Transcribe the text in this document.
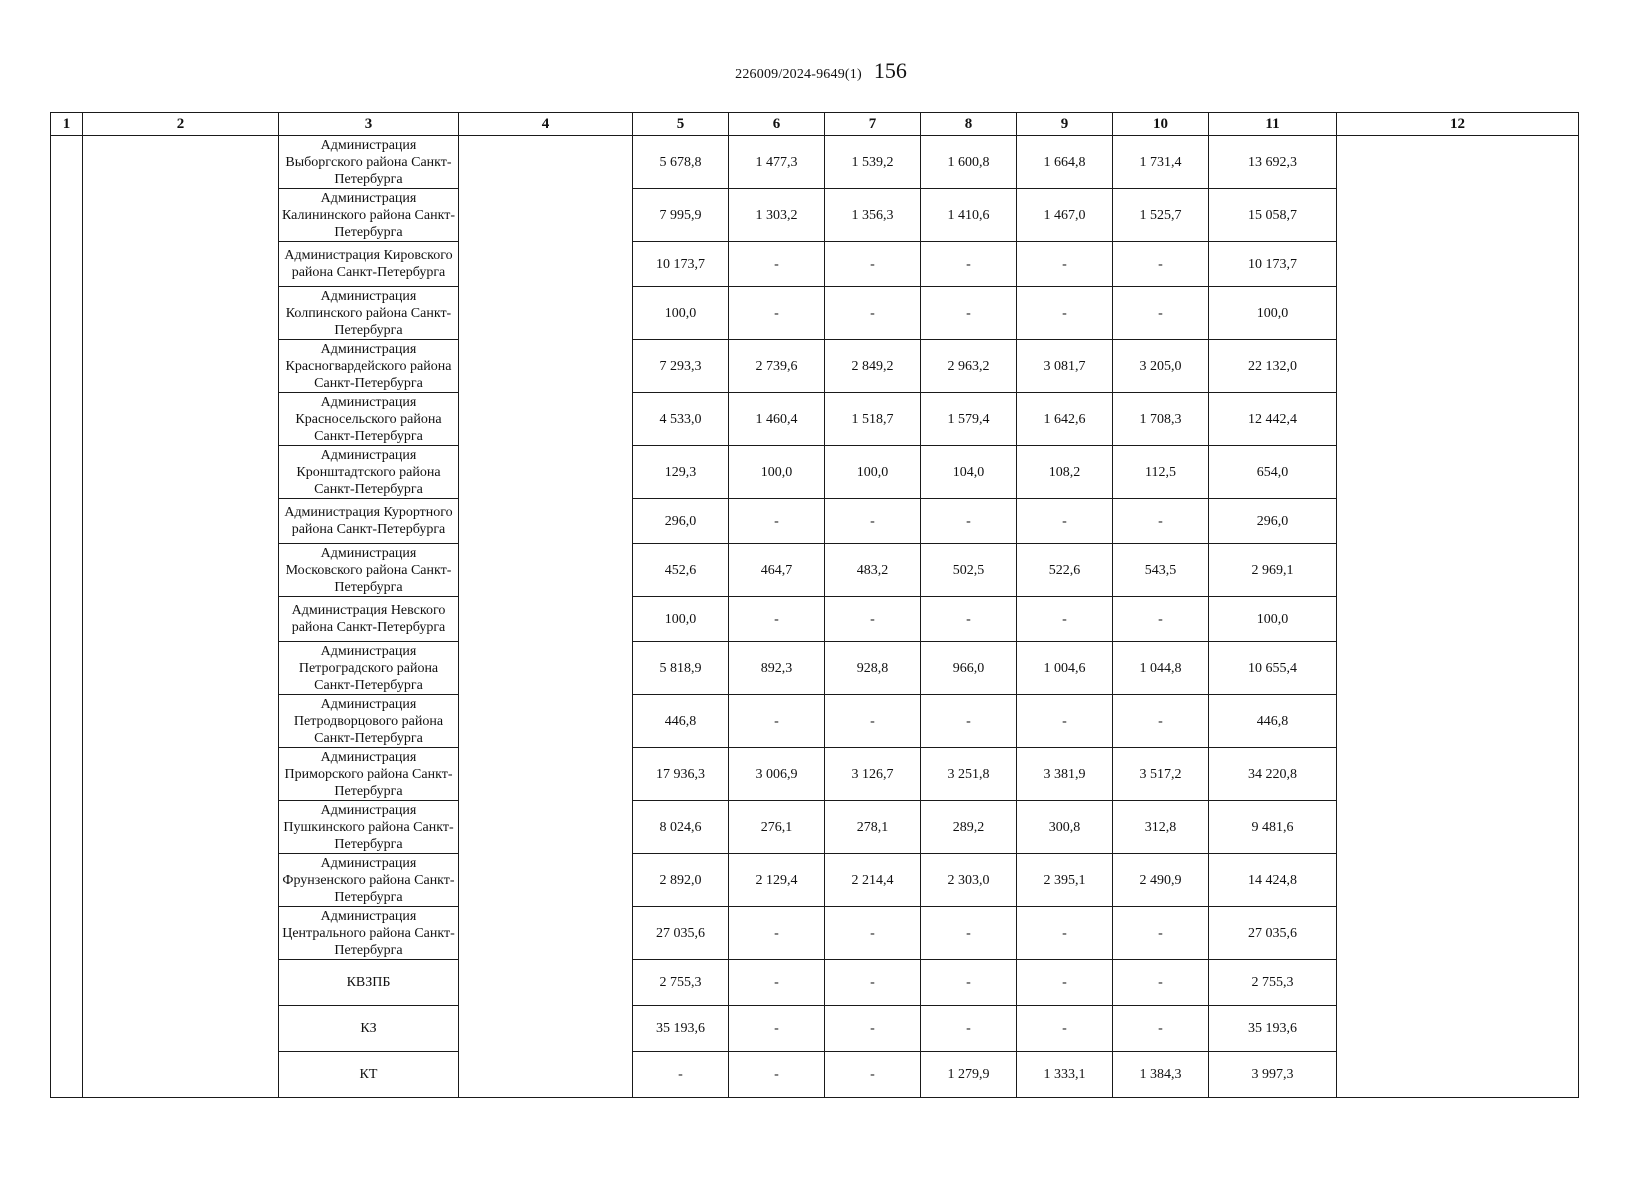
226009/2024-9649(1) 156
1	2	3	4	5	6	7	8	9	10	11	12
		Администрация Выборгского района Санкт-Петербурга		5 678,8	1 477,3	1 539,2	1 600,8	1 664,8	1 731,4	13 692,3	
		Администрация Калининского района Санкт-Петербурга		7 995,9	1 303,2	1 356,3	1 410,6	1 467,0	1 525,7	15 058,7	
		Администрация Кировского района Санкт-Петербурга		10 173,7	-	-	-	-	-	10 173,7	
		Администрация Колпинского района Санкт-Петербурга		100,0	-	-	-	-	-	100,0	
		Администрация Красногвардейского района Санкт-Петербурга		7 293,3	2 739,6	2 849,2	2 963,2	3 081,7	3 205,0	22 132,0	
		Администрация Красносельского района Санкт-Петербурга		4 533,0	1 460,4	1 518,7	1 579,4	1 642,6	1 708,3	12 442,4	
		Администрация Кронштадтского района Санкт-Петербурга		129,3	100,0	100,0	104,0	108,2	112,5	654,0	
		Администрация Курортного района Санкт-Петербурга		296,0	-	-	-	-	-	296,0	
		Администрация Московского района Санкт-Петербурга		452,6	464,7	483,2	502,5	522,6	543,5	2 969,1	
		Администрация Невского района Санкт-Петербурга		100,0	-	-	-	-	-	100,0	
		Администрация Петроградского района Санкт-Петербурга		5 818,9	892,3	928,8	966,0	1 004,6	1 044,8	10 655,4	
		Администрация Петродворцового района Санкт-Петербурга		446,8	-	-	-	-	-	446,8	
		Администрация Приморского района Санкт-Петербурга		17 936,3	3 006,9	3 126,7	3 251,8	3 381,9	3 517,2	34 220,8	
		Администрация Пушкинского района Санкт-Петербурга		8 024,6	276,1	278,1	289,2	300,8	312,8	9 481,6	
		Администрация Фрунзенского района Санкт-Петербурга		2 892,0	2 129,4	2 214,4	2 303,0	2 395,1	2 490,9	14 424,8	
		Администрация Центрального района Санкт-Петербурга		27 035,6	-	-	-	-	-	27 035,6	
		КВЗПБ		2 755,3	-	-	-	-	-	2 755,3	
		КЗ		35 193,6	-	-	-	-	-	35 193,6	
		КТ		-	-	-	1 279,9	1 333,1	1 384,3	3 997,3	
